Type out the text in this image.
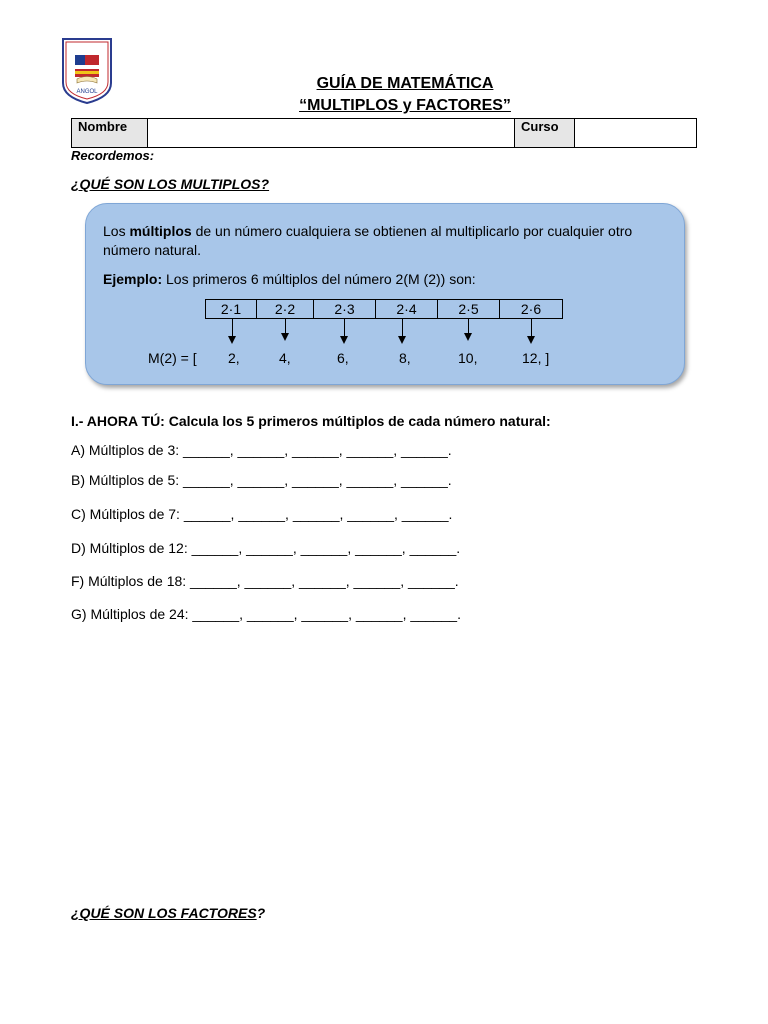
ANGOL	GUÍA DE MATEMÁTICA
“MULTIPLOS y FACTORES”
Nombre		Curso	
Recordemos:
¿QUÉ SON LOS MULTIPLOS?
Los múltiplos de un número cualquiera se obtienen al multiplicarlo por cualquier otro número natural.
Ejemplo: Los primeros 6 múltiplos del número 2(M (2)) son:
2·1	2·2	2·3	2·4	2·5	2·6
M(2) = [ 2,	4,	6,	8,	10,	12, ]
I.- AHORA TÚ: Calcula los 5 primeros múltiplos de cada número natural:
A) Múltiplos de 3: ______, ______, ______, ______, ______.
B) Múltiplos de 5: ______, ______, ______, ______, ______.
C) Múltiplos de 7: ______, ______, ______, ______, ______.
D) Múltiplos de 12: ______, ______, ______, ______, ______.
F) Múltiplos de 18: ______, ______, ______, ______, ______.
G) Múltiplos de 24: ______, ______, ______, ______, ______.
¿QUÉ SON LOS FACTORES?
